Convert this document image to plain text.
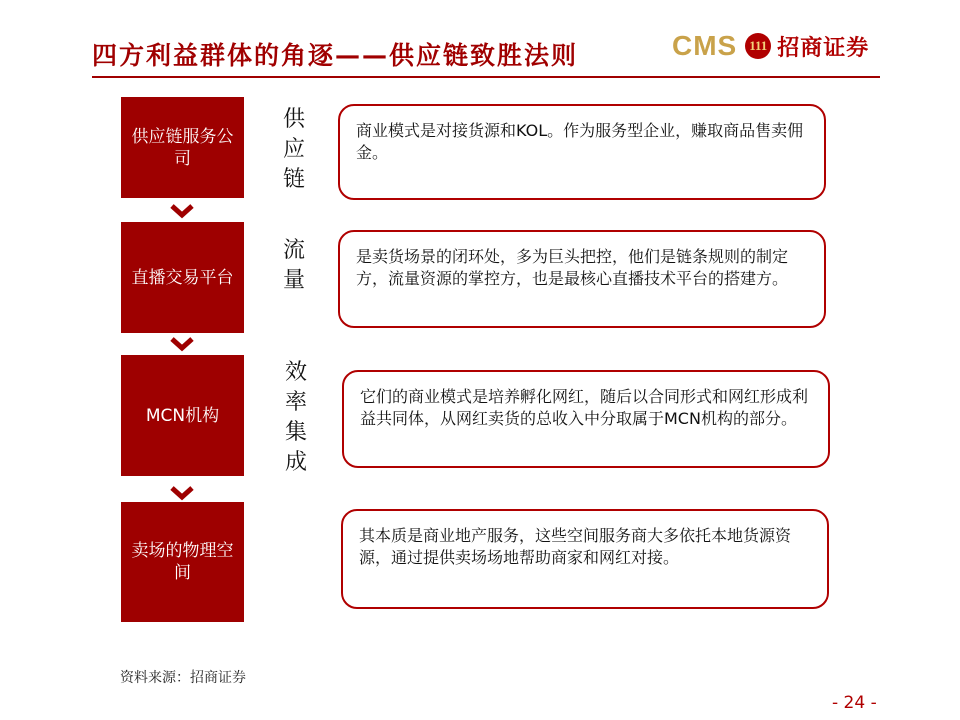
四方利益群体的角逐——供应链致胜法则	CMS 111 招商证券
供应链服务公司
供应链
商业模式是对接货源和KOL。作为服务型企业，赚取商品售卖佣金。
直播交易平台
流量
是卖货场景的闭环处，多为巨头把控，他们是链条规则的制定方，流量资源的掌控方，也是最核心直播技术平台的搭建方。
MCN机构
效率集成
它们的商业模式是培养孵化网红，随后以合同形式和网红形成利益共同体，从网红卖货的总收入中分取属于MCN机构的部分。
卖场的物理空间
其本质是商业地产服务，这些空间服务商大多依托本地货源资源，通过提供卖场场地帮助商家和网红对接。
资料来源：招商证券
- 24 -
